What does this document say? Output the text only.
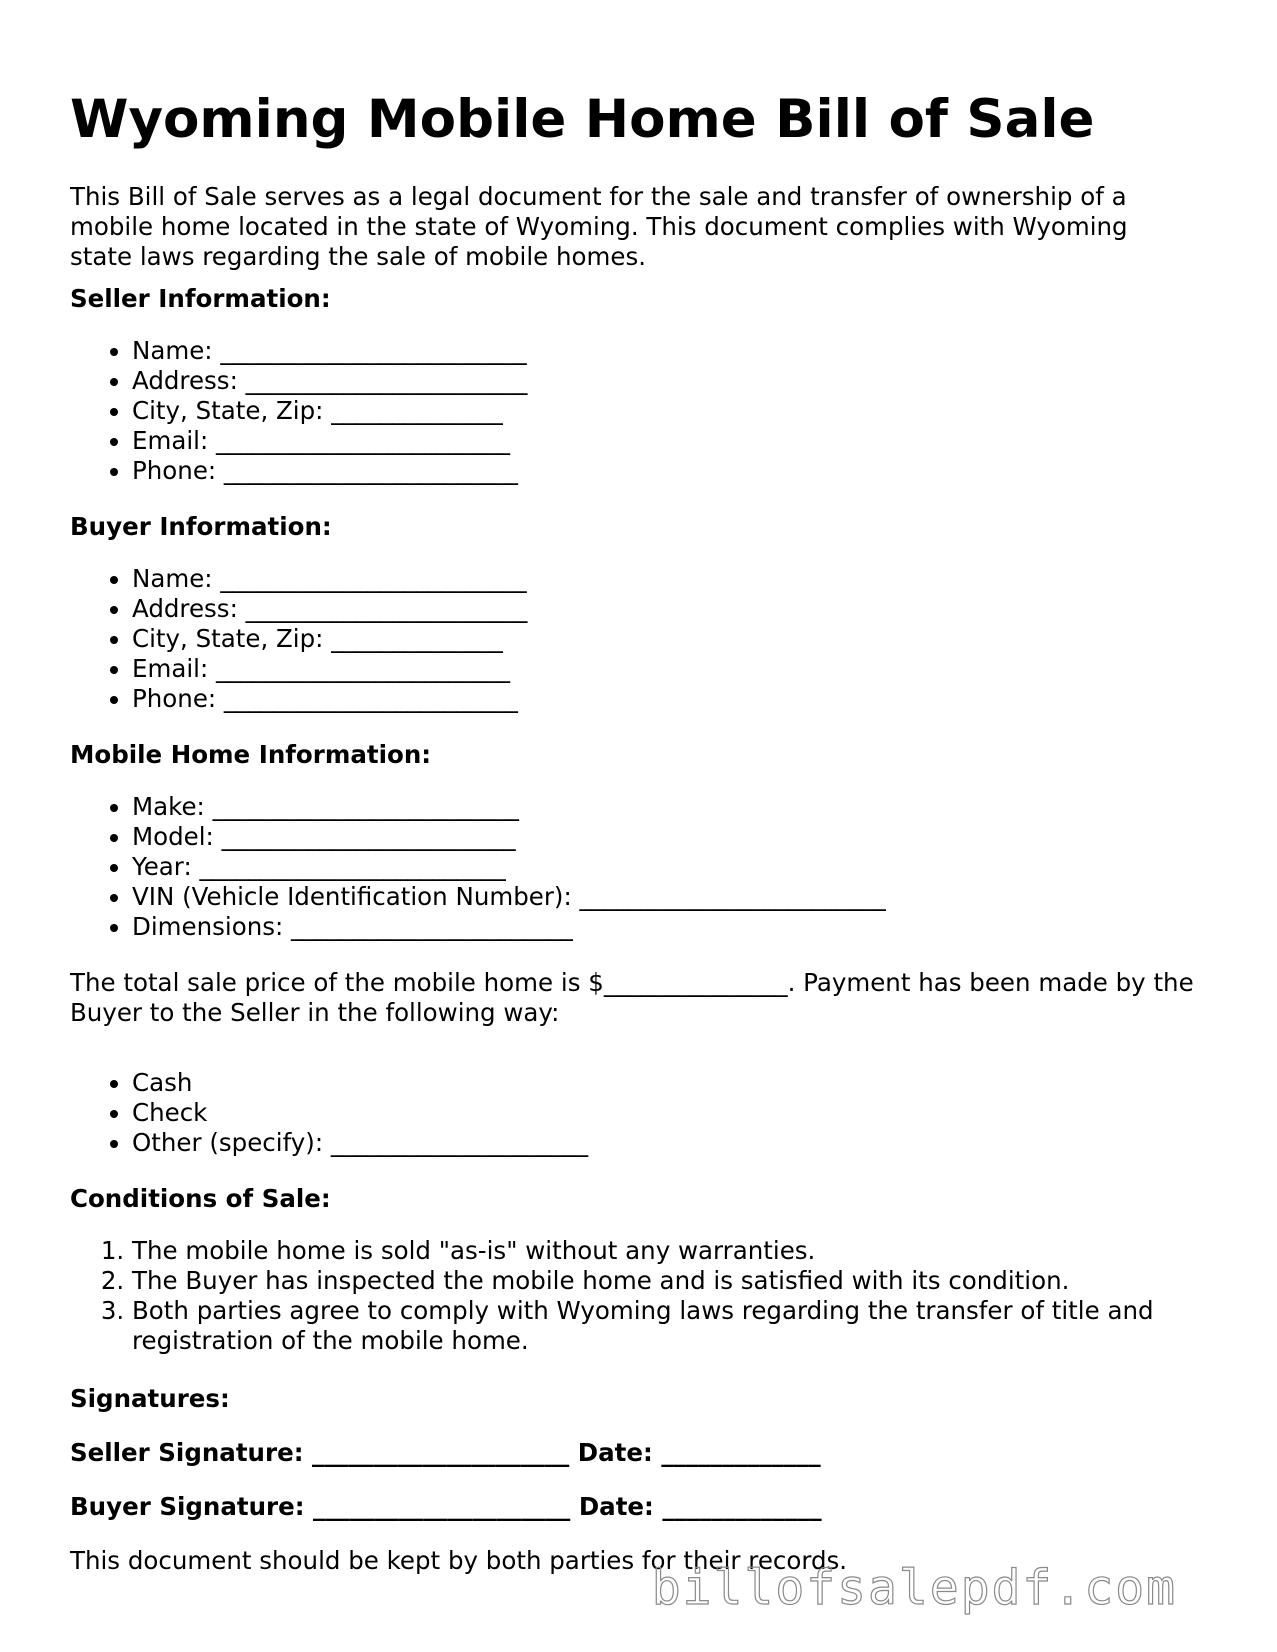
Wyoming Mobile Home Bill of Sale

This Bill of Sale serves as a legal document for the sale and transfer of ownership of a mobile home located in the state of Wyoming. This document complies with Wyoming state laws regarding the sale of mobile homes.

Seller Information:
• Name: _________________________
• Address: _______________________
• City, State, Zip: ______________
• Email: ________________________
• Phone: ________________________
Buyer Information:
• Name: _________________________
• Address: _______________________
• City, State, Zip: ______________
• Email: ________________________
• Phone: ________________________
Mobile Home Information:
• Make: _________________________
• Model: ________________________
• Year: _________________________
• VIN (Vehicle Identification Number): _________________________
• Dimensions: _______________________

The total sale price of the mobile home is $_______________. Payment has been made by the Buyer to the Seller in the following way:

• Cash
• Check
• Other (specify): _____________________
Conditions of Sale:
1. The mobile home is sold "as-is" without any warranties.
2. The Buyer has inspected the mobile home and is satisfied with its condition.
3. Both parties agree to comply with Wyoming laws regarding the transfer of title and registration of the mobile home.
Signatures:
Seller Signature: _____________________ Date: _____________
Buyer Signature: _____________________ Date: _____________

This document should be kept by both parties for their records.

billofsalepdf.com
